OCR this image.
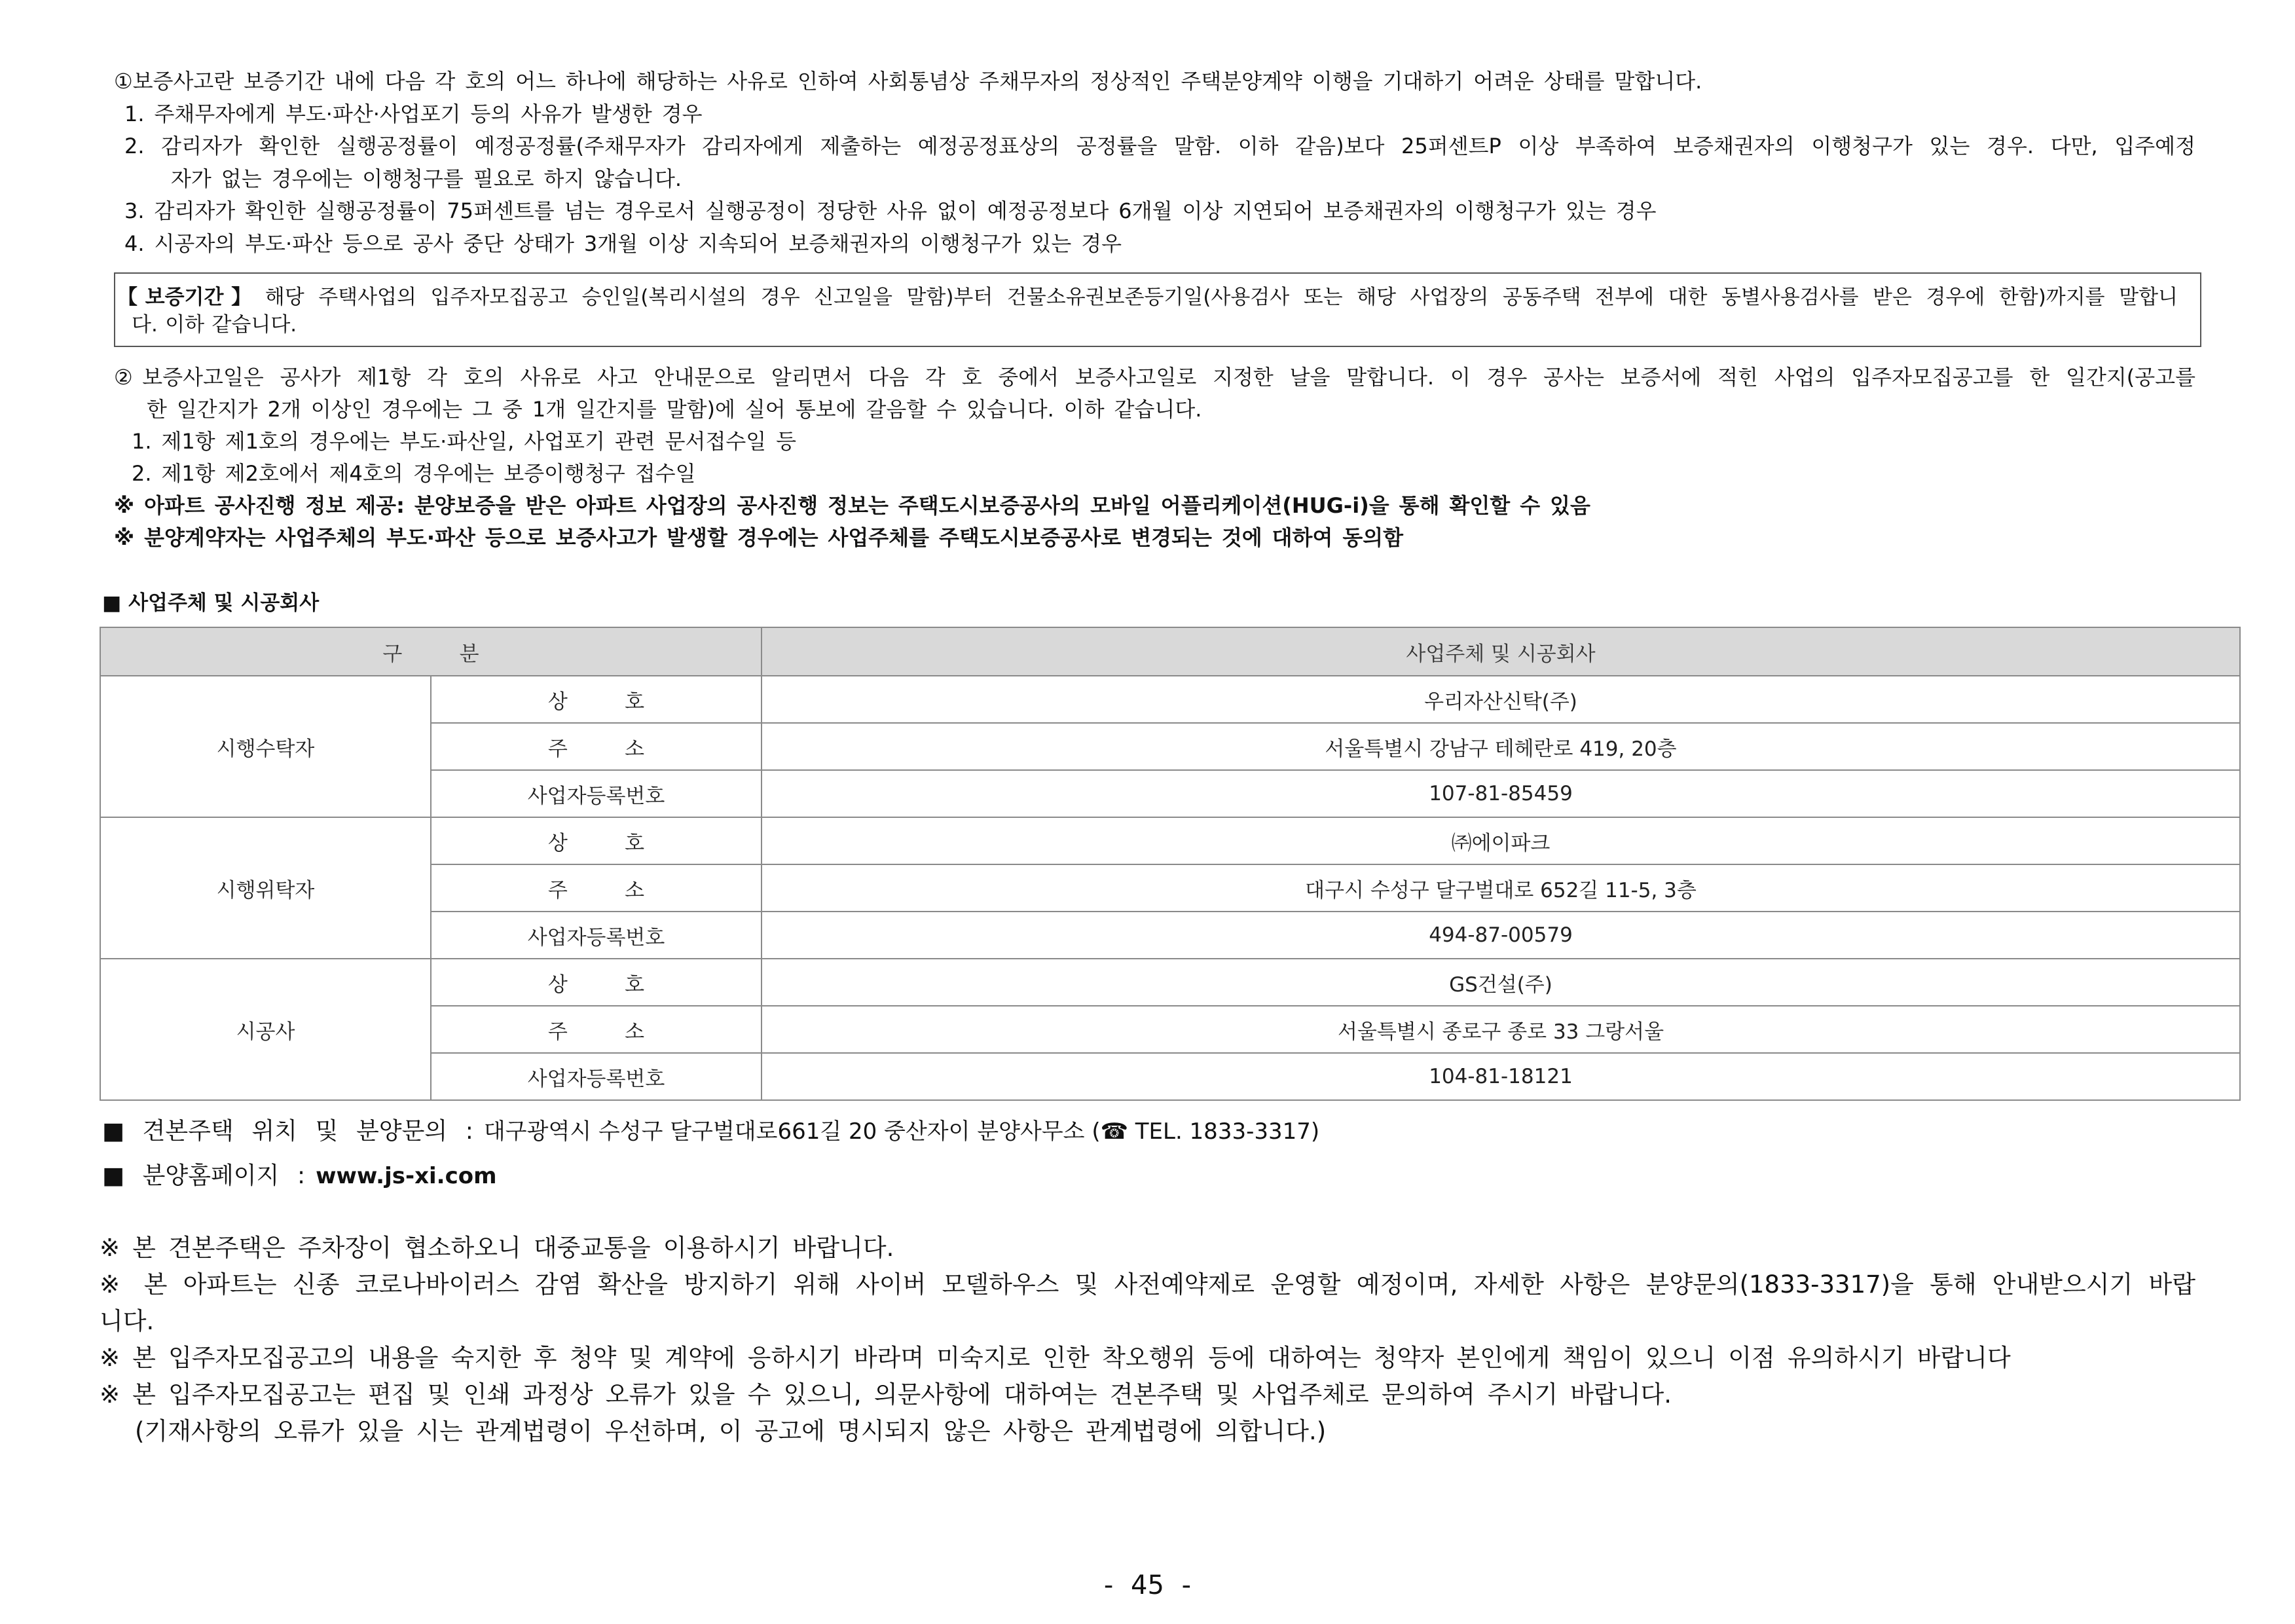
①보증사고란 보증기간 내에 다음 각 호의 어느 하나에 해당하는 사유로 인하여 사회통념상 주채무자의 정상적인 주택분양계약 이행을 기대하기 어려운 상태를 말합니다.
1. 주채무자에게 부도·파산·사업포기 등의 사유가 발생한 경우
2. 감리자가 확인한 실행공정률이 예정공정률(주채무자가 감리자에게 제출하는 예정공정표상의 공정률을 말함. 이하 같음)보다 25퍼센트P 이상 부족하여 보증채권자의 이행청구가 있는 경우. 다만, 입주예정
자가 없는 경우에는 이행청구를 필요로 하지 않습니다.
3. 감리자가 확인한 실행공정률이 75퍼센트를 넘는 경우로서 실행공정이 정당한 사유 없이 예정공정보다 6개월 이상 지연되어 보증채권자의 이행청구가 있는 경우
4. 시공자의 부도·파산 등으로 공사 중단 상태가 3개월 이상 지속되어 보증채권자의 이행청구가 있는 경우
【보증기간】 해당 주택사업의 입주자모집공고 승인일(복리시설의 경우 신고일을 말함)부터 건물소유권보존등기일(사용검사 또는 해당 사업장의 공동주택 전부에 대한 동별사용검사를 받은 경우에 한함)까지를 말합니
다. 이하 같습니다.
②보증사고일은 공사가 제1항 각 호의 사유로 사고 안내문으로 알리면서 다음 각 호 중에서 보증사고일로 지정한 날을 말합니다. 이 경우 공사는 보증서에 적힌 사업의 입주자모집공고를 한 일간지(공고를
한 일간지가 2개 이상인 경우에는 그 중 1개 일간지를 말함)에 실어 통보에 갈음할 수 있습니다. 이하 같습니다.
1. 제1항 제1호의 경우에는 부도·파산일, 사업포기 관련 문서접수일 등
2. 제1항 제2호에서 제4호의 경우에는 보증이행청구 접수일
※ 아파트 공사진행 정보 제공: 분양보증을 받은 아파트 사업장의 공사진행 정보는 주택도시보증공사의 모바일 어플리케이션(HUG-i)을 통해 확인할 수 있음
※ 분양계약자는 사업주체의 부도·파산 등으로 보증사고가 발생할 경우에는 사업주체를 주택도시보증공사로 변경되는 것에 대하여 동의함
■ 사업주체 및 시공회사
구 분		사업주체 및 시공회사
시행수탁자	상 호	우리자산신탁(주)
	주 소	서울특별시 강남구 테헤란로 419, 20층
	사업자등록번호	107-81-85459
시행위탁자	상 호	㈜에이파크
	주 소	대구시 수성구 달구벌대로 652길 11-5, 3층
	사업자등록번호	494-87-00579
시공사	상 호	GS건설(주)
	주 소	서울특별시 종로구 종로 33 그랑서울
	사업자등록번호	104-81-18121
■ 견본주택 위치 및 분양문의 : 대구광역시 수성구 달구벌대로661길 20 중산자이 분양사무소 (☎ TEL. 1833-3317)
■ 분양홈페이지 : www.js-xi.com
※ 본 견본주택은 주차장이 협소하오니 대중교통을 이용하시기 바랍니다.
※ 본 아파트는 신종 코로나바이러스 감염 확산을 방지하기 위해 사이버 모델하우스 및 사전예약제로 운영할 예정이며, 자세한 사항은 분양문의(1833-3317)을 통해 안내받으시기 바랍
니다.
※ 본 입주자모집공고의 내용을 숙지한 후 청약 및 계약에 응하시기 바라며 미숙지로 인한 착오행위 등에 대하여는 청약자 본인에게 책임이 있으니 이점 유의하시기 바랍니다
※ 본 입주자모집공고는 편집 및 인쇄 과정상 오류가 있을 수 있으니, 의문사항에 대하여는 견본주택 및 사업주체로 문의하여 주시기 바랍니다.
(기재사항의 오류가 있을 시는 관계법령이 우선하며, 이 공고에 명시되지 않은 사항은 관계법령에 의합니다.)
- 45 -
